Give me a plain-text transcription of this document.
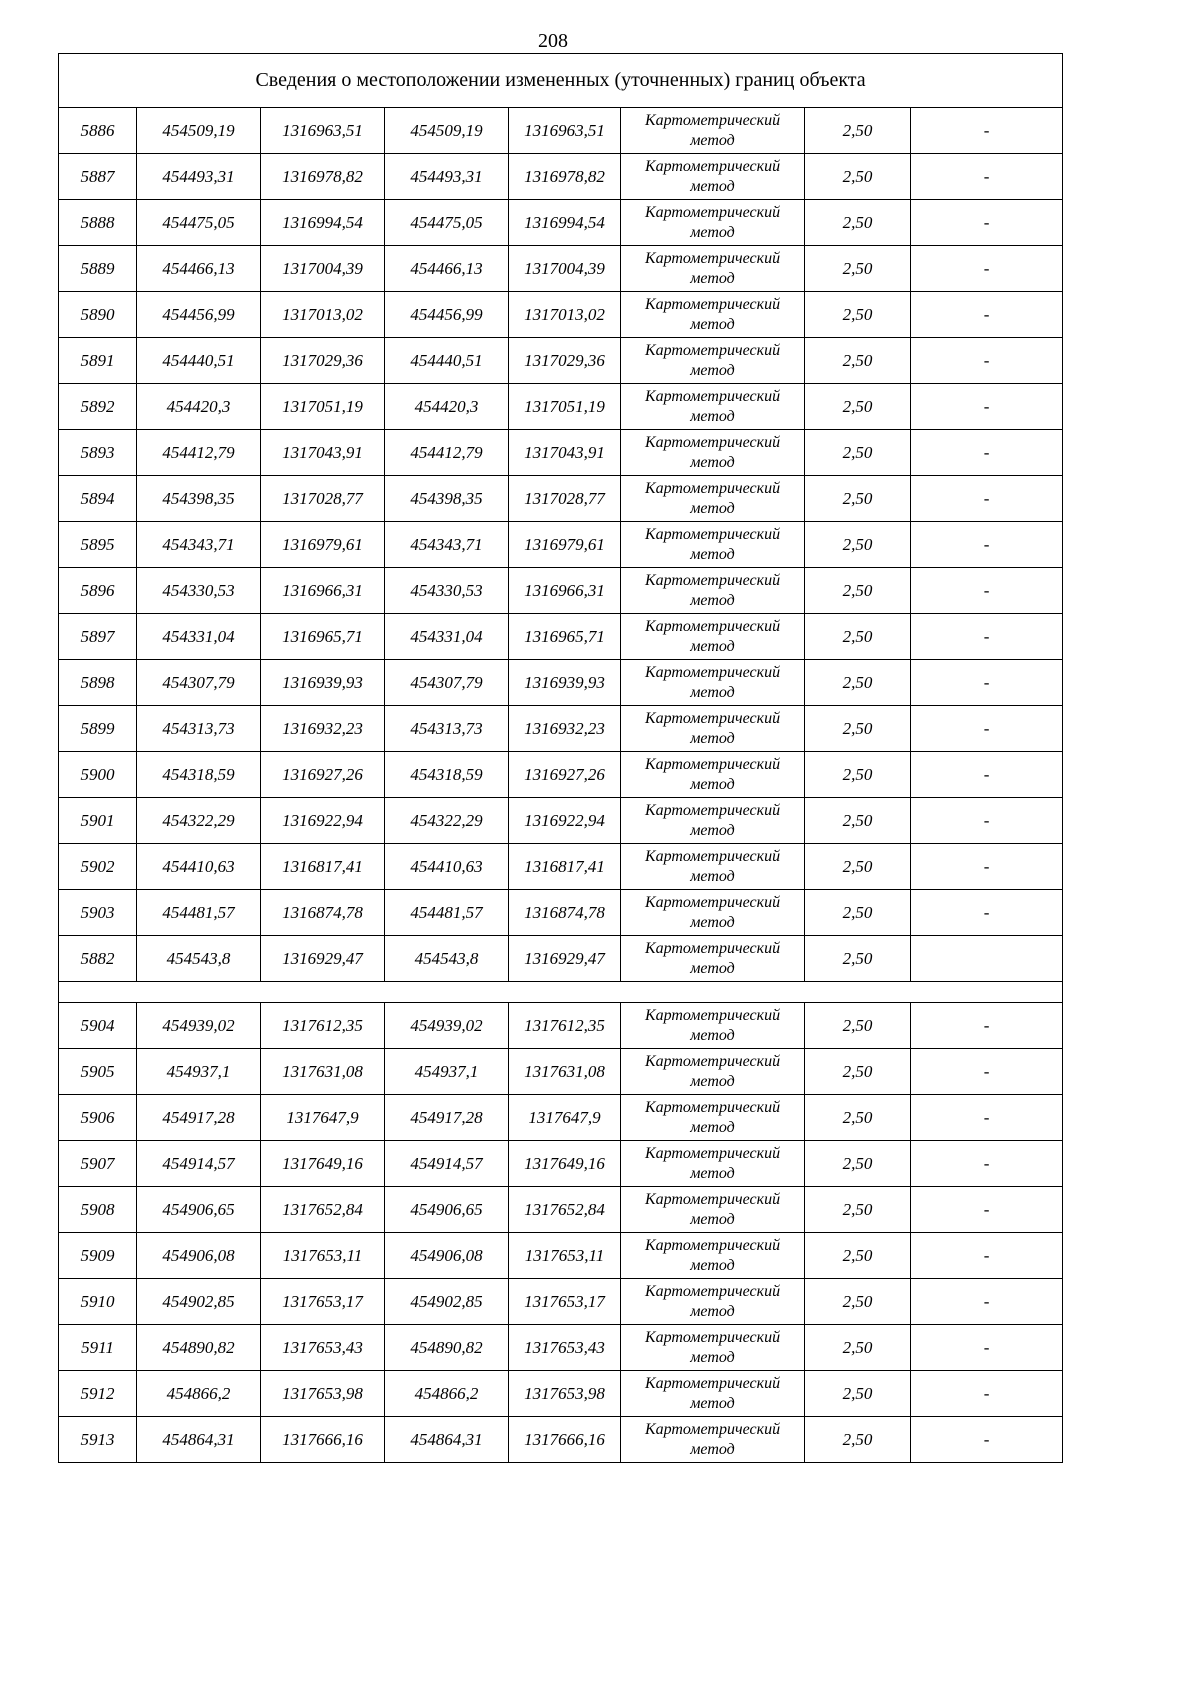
208
Сведения о местоположении измененных (уточненных) границ объекта							
5886	454509,19	1316963,51	454509,19	1316963,51	Картометрический метод	2,50	-
5887	454493,31	1316978,82	454493,31	1316978,82	Картометрический метод	2,50	-
5888	454475,05	1316994,54	454475,05	1316994,54	Картометрический метод	2,50	-
5889	454466,13	1317004,39	454466,13	1317004,39	Картометрический метод	2,50	-
5890	454456,99	1317013,02	454456,99	1317013,02	Картометрический метод	2,50	-
5891	454440,51	1317029,36	454440,51	1317029,36	Картометрический метод	2,50	-
5892	454420,3	1317051,19	454420,3	1317051,19	Картометрический метод	2,50	-
5893	454412,79	1317043,91	454412,79	1317043,91	Картометрический метод	2,50	-
5894	454398,35	1317028,77	454398,35	1317028,77	Картометрический метод	2,50	-
5895	454343,71	1316979,61	454343,71	1316979,61	Картометрический метод	2,50	-
5896	454330,53	1316966,31	454330,53	1316966,31	Картометрический метод	2,50	-
5897	454331,04	1316965,71	454331,04	1316965,71	Картометрический метод	2,50	-
5898	454307,79	1316939,93	454307,79	1316939,93	Картометрический метод	2,50	-
5899	454313,73	1316932,23	454313,73	1316932,23	Картометрический метод	2,50	-
5900	454318,59	1316927,26	454318,59	1316927,26	Картометрический метод	2,50	-
5901	454322,29	1316922,94	454322,29	1316922,94	Картометрический метод	2,50	-
5902	454410,63	1316817,41	454410,63	1316817,41	Картометрический метод	2,50	-
5903	454481,57	1316874,78	454481,57	1316874,78	Картометрический метод	2,50	-
5882	454543,8	1316929,47	454543,8	1316929,47	Картометрический метод	2,50	

5904	454939,02	1317612,35	454939,02	1317612,35	Картометрический метод	2,50	-
5905	454937,1	1317631,08	454937,1	1317631,08	Картометрический метод	2,50	-
5906	454917,28	1317647,9	454917,28	1317647,9	Картометрический метод	2,50	-
5907	454914,57	1317649,16	454914,57	1317649,16	Картометрический метод	2,50	-
5908	454906,65	1317652,84	454906,65	1317652,84	Картометрический метод	2,50	-
5909	454906,08	1317653,11	454906,08	1317653,11	Картометрический метод	2,50	-
5910	454902,85	1317653,17	454902,85	1317653,17	Картометрический метод	2,50	-
5911	454890,82	1317653,43	454890,82	1317653,43	Картометрический метод	2,50	-
5912	454866,2	1317653,98	454866,2	1317653,98	Картометрический метод	2,50	-
5913	454864,31	1317666,16	454864,31	1317666,16	Картометрический метод	2,50	-
